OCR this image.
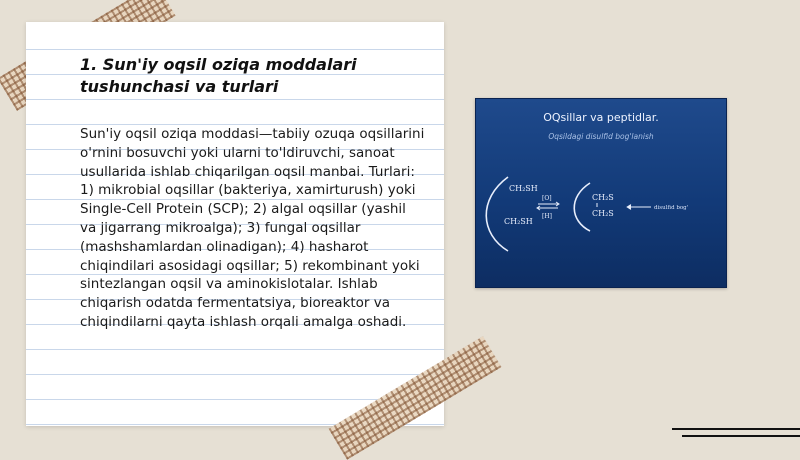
1. Sun'iy oqsil oziqa moddalari tushunchasi va turlari

Sun'iy oqsil oziqa moddasi—tabiiy ozuqa oqsillarini o'rnini bosuvchi yoki ularni to'ldiruvchi, sanoat usullarida ishlab chiqarilgan oqsil manbai. Turlari: 1) mikrobial oqsillar (bakteriya, xamirturush) yoki Single-Cell Protein (SCP); 2) algal oqsillar (yashil va jigarrang mikroalga); 3) fungal oqsillar (mashshamlardan olinadigan); 4) hasharot chiqindilari asosidagi oqsillar; 5) rekombinant yoki sintezlangan oqsil va aminokislotalar. Ishlab chiqarish odatda fermentatsiya, bioreaktor va chiqindilarni qayta ishlash orqali amalga oshadi.

OQsillar va peptidlar.
Oqsildagi disulfid bog'lanish
CH₂SH
CH₂SH
[O]
[H]
CH₂S
CH₂S
disulfid bog'
